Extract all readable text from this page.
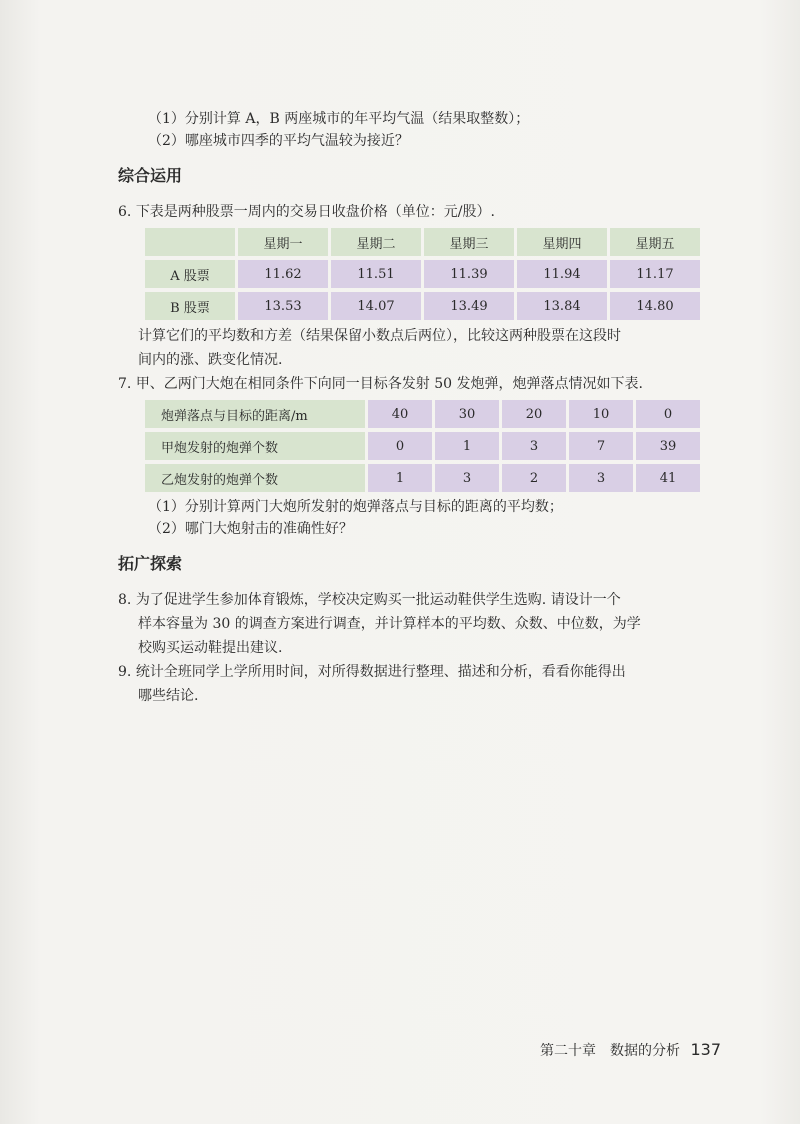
（1）分别计算 A，B 两座城市的年平均气温（结果取整数）；
（2）哪座城市四季的平均气温较为接近？
综合运用
6. 下表是两种股票一周内的交易日收盘价格（单位：元/股）.
	星期一	星期二	星期三	星期四	星期五
A 股票	11.62	11.51	11.39	11.94	11.17
B 股票	13.53	14.07	13.49	13.84	14.80
计算它们的平均数和方差（结果保留小数点后两位），比较这两种股票在这段时
间内的涨、跌变化情况.
7. 甲、乙两门大炮在相同条件下向同一目标各发射 50 发炮弹，炮弹落点情况如下表.
炮弹落点与目标的距离/m	40	30	20	10	0
甲炮发射的炮弹个数	0	1	3	7	39
乙炮发射的炮弹个数	1	3	2	3	41
（1）分别计算两门大炮所发射的炮弹落点与目标的距离的平均数；
（2）哪门大炮射击的准确性好？
拓广探索
8. 为了促进学生参加体育锻炼，学校决定购买一批运动鞋供学生选购. 请设计一个
样本容量为 30 的调查方案进行调查，并计算样本的平均数、众数、中位数，为学
校购买运动鞋提出建议.
9. 统计全班同学上学所用时间，对所得数据进行整理、描述和分析，看看你能得出
哪些结论.
第二十章　数据的分析 137
